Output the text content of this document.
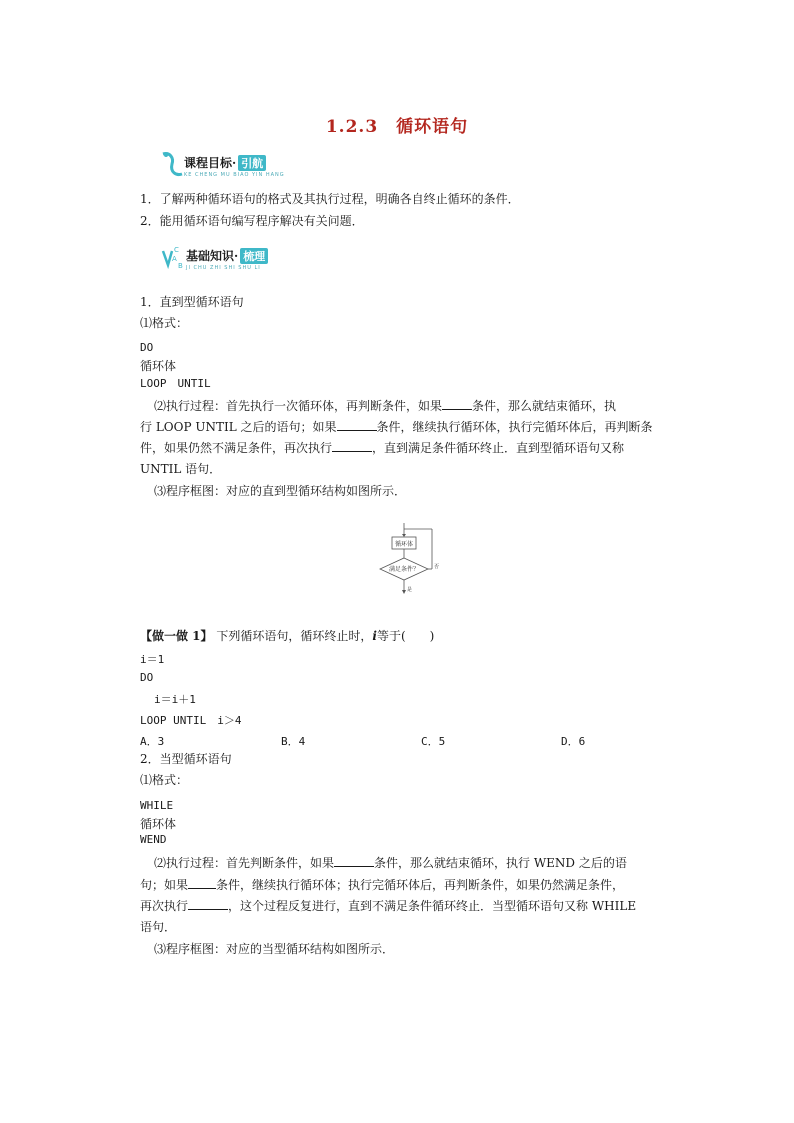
1.2.3　循环语句
课程目标· 引航
KE CHENG MU BIAO YIN HANG
1．了解两种循环语句的格式及其执行过程，明确各自终止循环的条件．
2．能用循环语句编写程序解决有关问题．
C
A
B
基础知识· 梳理
JI CHU ZHI SHI SHU LI
1．直到型循环语句
⑴格式：
DO
循环体
LOOP　UNTIL
⑵执行过程：首先执行一次循环体，再判断条件，如果	条件，那么就结束循环，执
行 LOOP UNTIL 之后的语句；如果	条件，继续执行循环体，执行完循环体后，再判断条
件，如果仍然不满足条件，再次执行	，直到满足条件循环终止．直到型循环语句又称
UNTIL 语句．
⑶程序框图：对应的直到型循环结构如图所示．
循环体
满足条件？	否
是
【做一做 1】 下列循环语句，循环终止时，i等于(　　)
i＝1
DO
i＝i＋1
LOOP UNTIL　i＞4
A．3	B．4	C．5	D．6
2．当型循环语句
⑴格式：
WHILE
循环体
WEND
⑵执行过程：首先判断条件，如果	条件，那么就结束循环，执行 WEND 之后的语
句；如果 条件，继续执行循环体；执行完循环体后，再判断条件，如果仍然满足条件，
再次执行	，这个过程反复进行，直到不满足条件循环终止．当型循环语句又称 WHILE
语句．
⑶程序框图：对应的当型循环结构如图所示．
